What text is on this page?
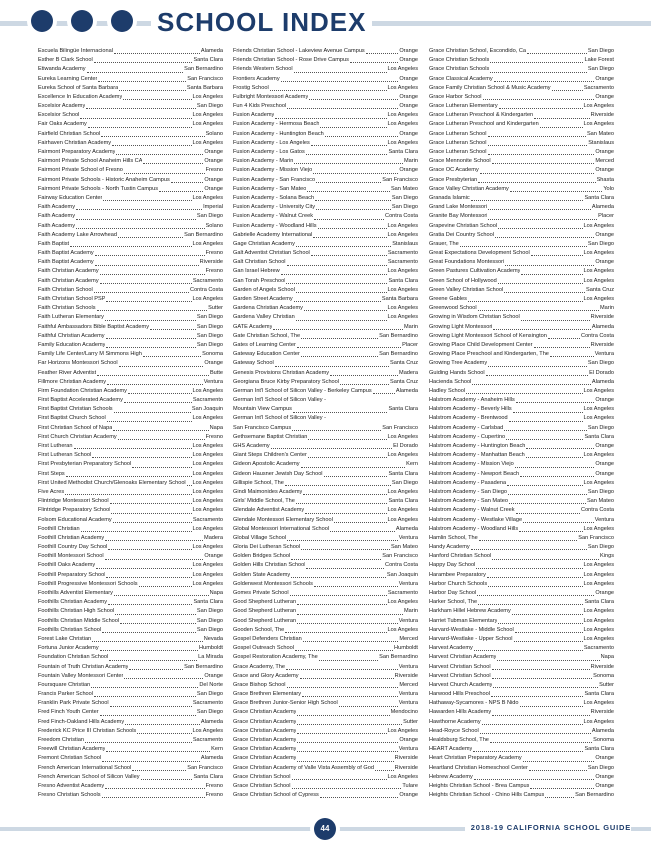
SCHOOL INDEX
Escuela Bilingüe Internacional	Alameda
Esther B Clark School	Santa Clara
Etiwanda Academy	San Bernardino
Eureka Learning Center	San Francisco
Eureka School of Santa Barbara	Santa Barbara
Excellence In Education Academy	Los Angeles
Excelsior Academy	San Diego
Excelsior School	Los Angeles
Fair Oaks Academy	Los Angeles
Fairfield Christian School	Solano
Fairhaven Christian Academy	Los Angeles
Fairmont Preparatory Academy	Orange
Fairmont Private School Anaheim Hills CA	Orange
Fairmont Private School of Fresno	Fresno
Fairmont Private Schools - Historic Anaheim Campus	Orange
Fairmont Private Schools - North Tustin Campus	Orange
Fairway Education Center	Los Angeles
Faith Academy	Imperial
Faith Academy	San Diego
Faith Academy	Solano
Faith Academy Lake Arrowhead	San Bernardino
Faith Baptist	Los Angeles
Faith Baptist Academy	Fresno
Faith Baptist Academy	Riverside
Faith Christian Academy	Fresno
Faith Christian Academy	Sacramento
Faith Christian School	Contra Costa
Faith Christian School PSP	Los Angeles
Faith Christian Schools	Sutter
Faith Lutheran Elementary	San Diego
Faithful Ambassadors Bible Baptist Academy	San Diego
Faithful Christian Academy	San Diego
Family Education Academy	San Diego
Family Life Center/Larry M Simmons High	Sonoma
Far Horizons Montessori School	Orange
Feather River Adventist	Butte
Fillmore Christian Academy	Ventura
Firm Foundation Christian Academy	Los Angeles
First Baptist Accelerated Academy	Sacramento
First Baptist Christian Schools	San Joaquin
First Baptist Church School	Los Angeles
First Christian School of Napa	Napa
First Church Christian Academy	Fresno
First Lutheran	Los Angeles
First Lutheran School	Los Angeles
First Presbyterian Preparatory School	Los Angeles
First Steps	Los Angeles
First United Methodist Church/Glenoaks Elementary School Los Angeles
Five Acres	Los Angeles
Flintridge Montessori School	Los Angeles
Flintridge Preparatory School	Los Angeles
Folsom Educational Academy	Sacramento
Foothill Christian	Los Angeles
Foothill Christian Academy	Madera
Foothill Country Day School	Los Angeles
Foothill Montessori School	Orange
Foothill Oaks Academy	Los Angeles
Foothill Preparatory School	Los Angeles
Foothill Progressive Montessori Schools	Los Angeles
Foothills Adventist Elementary	Napa
Foothills Christian Academy	Santa Clara
Foothills Christian High School	San Diego
Foothills Christian Middle School	San Diego
Foothills Christian School	San Diego
Forest Lake Christian	Nevada
Fortuna Junior Academy	Humboldt
Foundation Christian School	La Mirada
Fountain of Truth Christian Academy	San Bernardino
Fountain Valley Montessori Center	Orange
Foursquare Christian	Del Norte
Francis Parker School	San Diego
Franklin Park Private School	Sacramento
Fred Finch Youth Center	San Diego
Fred Finch-Oakland Hills Academy	Alameda
Frederick KC Price III Christian Schools	Los Angeles
Freedom Christian	Sacramento
Freewill Christian Academy	Kern
Fremont Christian School	Alameda
French American International School	San Francisco
French American School of Silicon Valley	Santa Clara
Fresno Adventist Academy	Fresno
Fresno Christian Schools	Fresno
Friends Christian School - Lakeview Avenue Campus	Orange
Friends Christian School - Rose Drive Campus	Orange
Friends Western School	Los Angeles
Frontiers Academy	Orange
Frostig School	Los Angeles
Fulbright Montessori Academy	Orange
Fun 4 Kids Preschool	Orange
Fusion Academy	Los Angeles
Fusion Academy - Hermosa Beach	Los Angeles
Fusion Academy - Huntington Beach	Orange
Fusion Academy - Los Angeles	Los Angeles
Fusion Academy - Los Gatos	Santa Clara
Fusion Academy - Marin	Marin
Fusion Academy - Mission Viejo	Orange
Fusion Academy - San Francisco	San Francisco
Fusion Academy - San Mateo	San Mateo
Fusion Academy - Solana Beach	San Diego
Fusion Academy - University City	San Diego
Fusion Academy - Walnut Creek	Contra Costa
Fusion Academy - Woodland Hills	Los Angeles
Gabrielle Academy International	Los Angeles
Gage Christian Academy	Stanislaus
Galt Adventist Christian School	Sacramento
Galt Christian School	Sacramento
Gan Israel Hebrew	Los Angeles
Gan Torah Preschool	Santa Clara
Garden of Angels School	Los Angeles
Garden Street Academy	Santa Barbara
Gardena Christian Academy	Los Angeles
Gardena Valley Christian	Los Angeles
GATE Academy	Marin
Gate Christian School, The	San Bernardino
Gates of Learning Center	Placer
Gateway Education Center	San Bernardino
Gateway School	Santa Cruz
Genesis Provisions Christian Academy	Madera
Georgiana Bruce Kirby Preparatory School	Santa Cruz
German Int'l School of Silicon Valley - Berkeley Campus	Alameda
German Int'l School of Silicon Valley -
Mountain View Campus	Santa Clara
German Int'l School of Silicon Valley -
San Francisco Campus	San Francisco
Gethsemane Baptist Christian	Los Angeles
GHS Academy	El Dorado
Giant Steps Children's Center	Los Angeles
Gideon Apostolic Academy	Kern
Gideon Hausner Jewish Day School	Santa Clara
Gillispie School, The	San Diego
Gindi Maimonides Academy	Los Angeles
Girls' Middle School, The	Santa Clara
Glendale Adventist Academy	Los Angeles
Glendale Montessori Elementary School	Los Angeles
Global Montessori International School	Alameda
Global Village School	Ventura
Gloria Dei Lutheran School	San Mateo
Golden Bridges School	San Francisco
Golden Hills Christian School	Contra Costa
Golden State Academy	San Joaquin
Goldenwest Montessori Schools	Ventura
Gomes Private School	Sacramento
Good Shepherd Lutheran	Los Angeles
Good Shepherd Lutheran	Marin
Good Shepherd Lutheran	Ventura
Gooden School, The	Los Angeles
Gospel Defenders Christian	Merced
Gospel Outreach School	Humboldt
Gospel Restoration Academy, The	San Bernardino
Grace Academy, The	Ventura
Grace and Glory Academy	Riverside
Grace Bishop School	Merced
Grace Brethren Elementary	Ventura
Grace Brethren Junior-Senior High School	Ventura
Grace Christian Academy	Mendocino
Grace Christian Academy	Sutter
Grace Christian Academy	Los Angeles
Grace Christian Academy	Orange
Grace Christian Academy	Ventura
Grace Christian Academy	Riverside
Grace Christian Academy of Valle Vista Assembly of God	Riverside
Grace Christian School	Los Angeles
Grace Christian School	Tulare
Grace Christian School of Cypress	Orange
Grace Christian School, Escondido, Ca	San Diego
Grace Christian Schools	Lake Forest
Grace Christian Schools	San Diego
Grace Classical Academy	Orange
Grace Family Christian School & Music Academy	Sacramento
Grace Harbor School	Orange
Grace Lutheran Elementary	Los Angeles
Grace Lutheran Preschool & Kindergarten	Riverside
Grace Lutheran Preschool and Kindergarten	Los Angeles
Grace Lutheran School	San Mateo
Grace Lutheran School	Stanislaus
Grace Lutheran School	Orange
Grace Mennonite School	Merced
Grace OC Academy	Orange
Grace Presbyterian	Shasta
Grace Valley Christian Academy	Yolo
Granada Islamic	Santa Clara
Grand Lake Montessori	Alameda
Granite Bay Montessori	Placer
Grapevine Christian School	Los Angeles
Gratia Dei Country School	Orange
Grauer, The	San Diego
Great Expectations Development School	Los Angeles
Great Foundations Montessori	Orange
Green Pastures Cultivation Academy	Los Angeles
Green School of Hollywood	Los Angeles
Green Valley Christian School	Santa Cruz
Greene Gables	Los Angeles
Greenwood School	Marin
Growing in Wisdom Christian School	Riverside
Growing Light Montessori	Alameda
Growing Light Montessori School of Kensington	Contra Costa
Growing Place Child Development Center	Riverside
Growing Place Preschool and Kindergarten, The	Ventura
Growing Tree Academy	San Diego
Guiding Hands School	El Dorado
Hacienda School	Alameda
Hadley School	Los Angeles
Halstrom Academy - Anaheim Hills	Orange
Halstrom Academy - Beverly Hills	Los Angeles
Halstrom Academy - Brentwood	Los Angeles
Halstrom Academy - Carlsbad	San Diego
Halstrom Academy - Cupertino	Santa Clara
Halstrom Academy - Huntington Beach	Orange
Halstrom Academy - Manhattan Beach	Los Angeles
Halstrom Academy - Mission Viejo	Orange
Halstrom Academy - Newport Beach	Orange
Halstrom Academy - Pasadena	Los Angeles
Halstrom Academy - San Diego	San Diego
Halstrom Academy - San Mateo	San Mateo
Halstrom Academy - Walnut Creek	Contra Costa
Halstrom Academy - Westlake Village	Ventura
Halstrom Academy - Woodland Hills	Los Angeles
Hamlin School, The	San Francisco
Handy Academy	San Diego
Hanford Christian School	Kings
Happy Day School	Los Angeles
Harambee Preparatory	Los Angeles
Harbor Church Schools	Los Angeles
Harbor Day School	Orange
Harker School, The	Santa Clara
Harkham Hillel Hebrew Academy	Los Angeles
Harriet Tubman Elementary	Los Angeles
Harvard-Westlake - Middle School	Los Angeles
Harvard-Westlake - Upper School	Los Angeles
Harvest Academy	Sacramento
Harvest Christian Academy	Napa
Harvest Christian School	Riverside
Harvest Christian School	Sonoma
Harvest Church Academy	Sutter
Harwood Hills Preschool	Santa Clara
Hathaway-Sycamores - NPS B Nido	Los Angeles
Hawarden Hills Academy	Riverside
Hawthorne Academy	Los Angeles
Head-Royce School	Alameda
Healdsburg School, The	Sonoma
HEART Academy	Santa Clara
Heart Christian Preparatory Academy	Orange
Heartland Christian Homeschool Center	San Diego
Hebrew Academy	Orange
Heights Christian School - Brea Campus	Orange
Heights Christian School - Chino Hills Campus	San Bernardino
44	2018-19 CALIFORNIA SCHOOL GUIDE
